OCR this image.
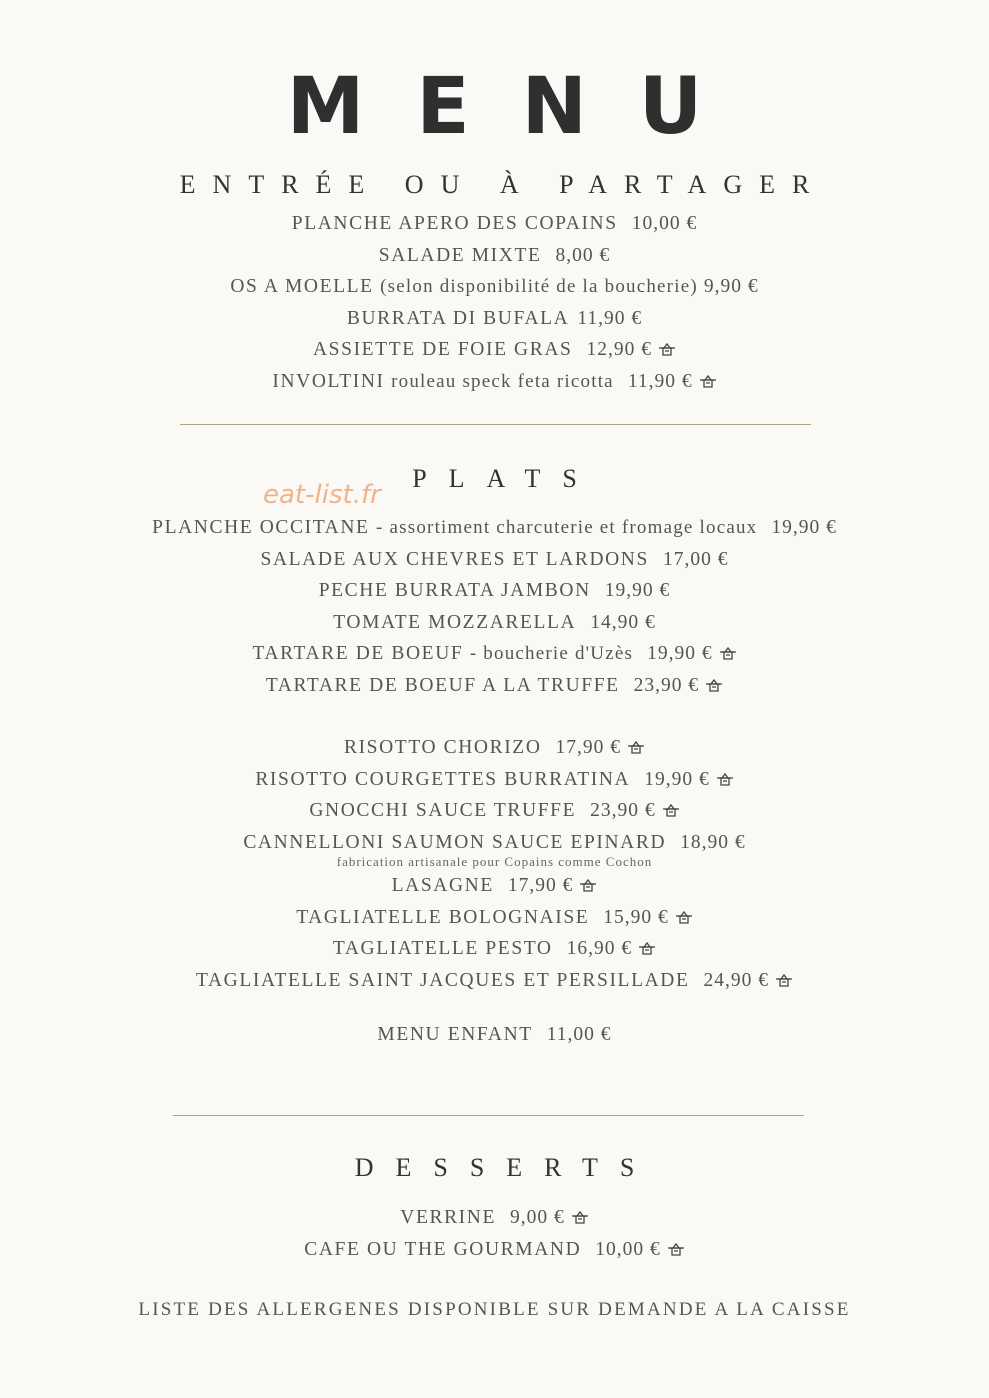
MENU
ENTRÉE OU À PARTAGER
PLANCHE APERO DES COPAINS 10,00 €
SALADE MIXTE 8,00 €
OS A MOELLE (selon disponibilité de la boucherie) 9,90 €
BURRATA DI BUFALA 11,90 €
ASSIETTE DE FOIE GRAS 12,90 €
INVOLTINI rouleau speck feta ricotta 11,90 €
PLATS
eat-list.fr
PLANCHE OCCITANE - assortiment charcuterie et fromage locaux 19,90 €
SALADE AUX CHEVRES ET LARDONS 17,00 €
PECHE BURRATA JAMBON 19,90 €
TOMATE MOZZARELLA 14,90 €
TARTARE DE BOEUF - boucherie d'Uzès 19,90 €
TARTARE DE BOEUF A LA TRUFFE 23,90 €
RISOTTO CHORIZO 17,90 €
RISOTTO COURGETTES BURRATINA 19,90 €
GNOCCHI SAUCE TRUFFE 23,90 €
CANNELLONI SAUMON SAUCE EPINARD 18,90 €
fabrication artisanale pour Copains comme Cochon
LASAGNE 17,90 €
TAGLIATELLE BOLOGNAISE 15,90 €
TAGLIATELLE PESTO 16,90 €
TAGLIATELLE SAINT JACQUES ET PERSILLADE 24,90 €
MENU ENFANT 11,00 €
DESSERTS
VERRINE 9,00 €
CAFE OU THE GOURMAND 10,00 €
LISTE DES ALLERGENES DISPONIBLE SUR DEMANDE A LA CAISSE
